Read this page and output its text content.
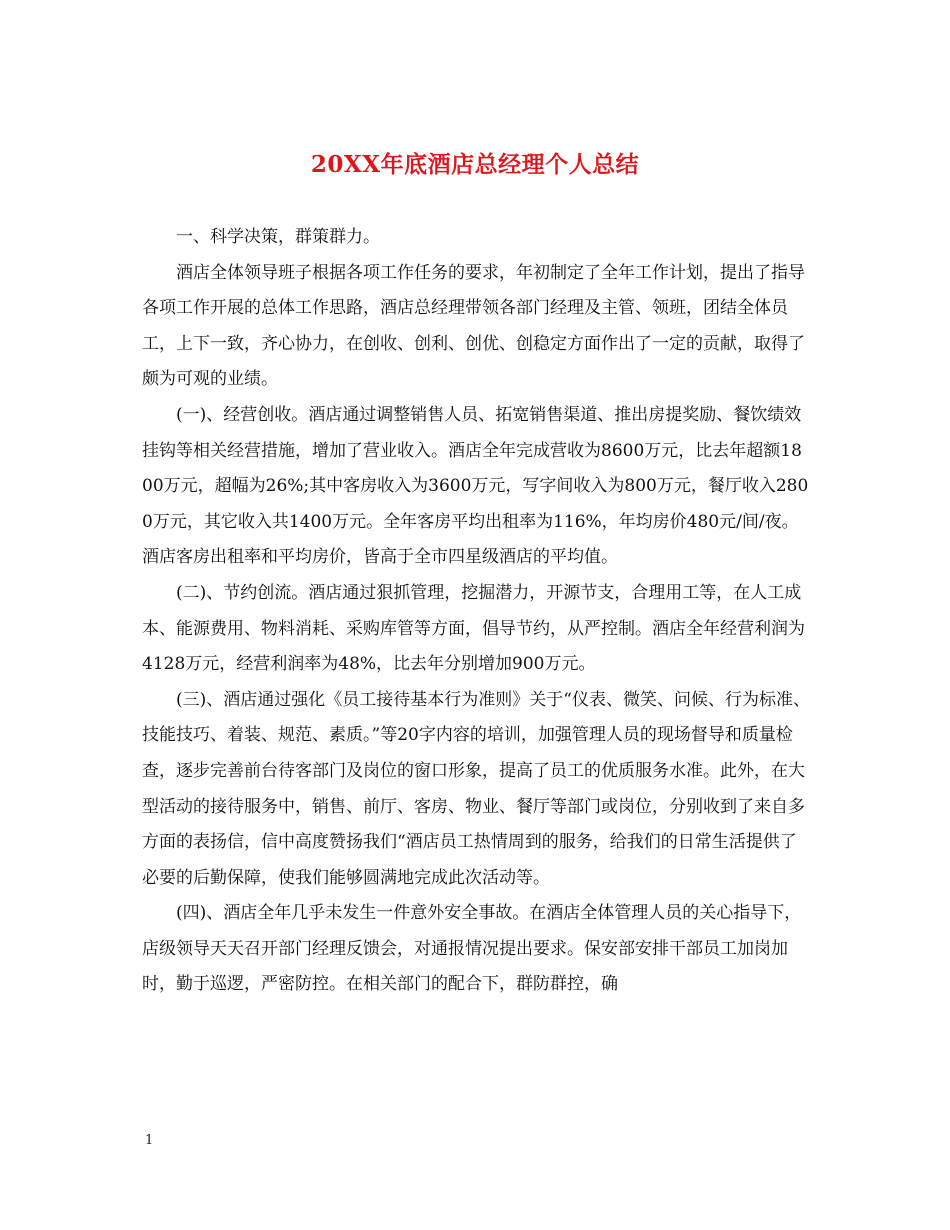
20XX年底酒店总经理个人总结

一、科学决策，群策群力。

酒店全体领导班子根据各项工作任务的要求，年初制定了全年工作计划，提出了指导各项工作开展的总体工作思路，酒店总经理带领各部门经理及主管、领班，团结全体员工，上下一致，齐心协力，在创收、创利、创优、创稳定方面作出了一定的贡献，取得了颇为可观的业绩。

(一)、经营创收。酒店通过调整销售人员、拓宽销售渠道、推出房提奖励、餐饮绩效挂钩等相关经营措施，增加了营业收入。酒店全年完成营收为8600万元，比去年超额1800万元，超幅为26%;其中客房收入为3600万元，写字间收入为800万元，餐厅收入2800万元，其它收入共1400万元。全年客房平均出租率为116%，年均房价480元/间/夜。酒店客房出租率和平均房价，皆高于全市四星级酒店的平均值。

(二)、节约创流。酒店通过狠抓管理，挖掘潜力，开源节支，合理用工等，在人工成本、能源费用、物料消耗、采购库管等方面，倡导节约，从严控制。酒店全年经营利润为4128万元，经营利润率为48%，比去年分别增加900万元。

(三)、酒店通过强化《员工接待基本行为准则》关于“仪表、微笑、问候、行为标准、技能技巧、着装、规范、素质。”等20字内容的培训，加强管理人员的现场督导和质量检查，逐步完善前台待客部门及岗位的窗口形象，提高了员工的优质服务水准。此外，在大型活动的接待服务中，销售、前厅、客房、物业、餐厅等部门或岗位，分别收到了来自多方面的表扬信，信中高度赞扬我们“酒店员工热情周到的服务，给我们的日常生活提供了必要的后勤保障，使我们能够圆满地完成此次活动等。

(四)、酒店全年几乎未发生一件意外安全事故。在酒店全体管理人员的关心指导下，店级领导天天召开部门经理反馈会，对通报情况提出要求。保安部安排干部员工加岗加时，勤于巡逻，严密防控。在相关部门的配合下，群防群控，确

1
